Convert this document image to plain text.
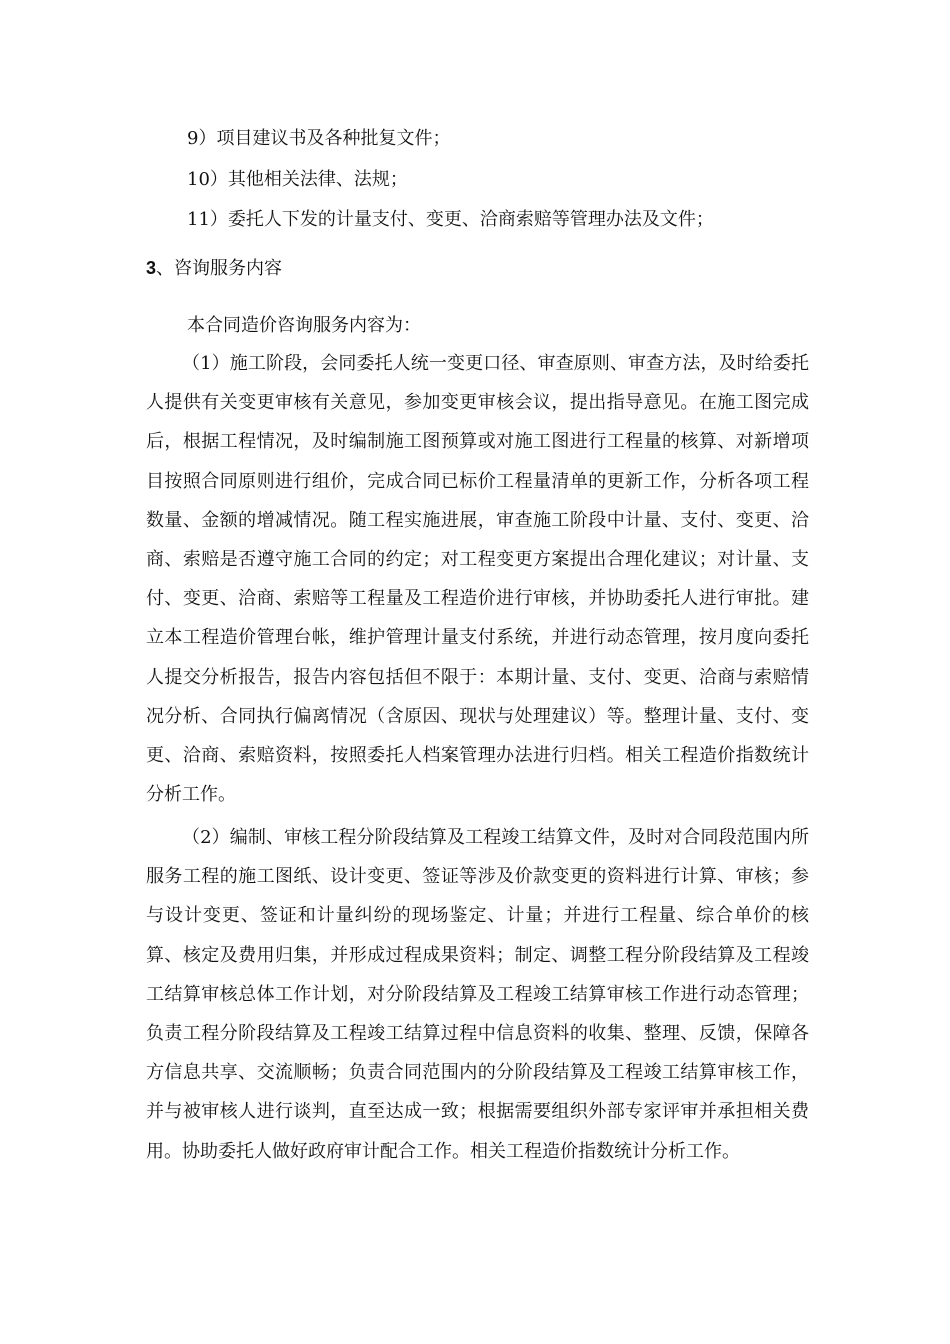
9）项目建议书及各种批复文件；
10）其他相关法律、法规；
11）委托人下发的计量支付、变更、洽商索赔等管理办法及文件；
3、咨询服务内容
本合同造价咨询服务内容为：
（1）施工阶段，会同委托人统一变更口径、审查原则、审查方法，及时给委托人提供有关变更审核有关意见，参加变更审核会议，提出指导意见。在施工图完成后，根据工程情况，及时编制施工图预算或对施工图进行工程量的核算、对新增项目按照合同原则进行组价，完成合同已标价工程量清单的更新工作，分析各项工程数量、金额的增减情况。随工程实施进展，审查施工阶段中计量、支付、变更、洽商、索赔是否遵守施工合同的约定；对工程变更方案提出合理化建议；对计量、支付、变更、洽商、索赔等工程量及工程造价进行审核，并协助委托人进行审批。建立本工程造价管理台帐，维护管理计量支付系统，并进行动态管理，按月度向委托人提交分析报告，报告内容包括但不限于：本期计量、支付、变更、洽商与索赔情况分析、合同执行偏离情况（含原因、现状与处理建议）等。整理计量、支付、变更、洽商、索赔资料，按照委托人档案管理办法进行归档。相关工程造价指数统计分析工作。
（2）编制、审核工程分阶段结算及工程竣工结算文件，及时对合同段范围内所服务工程的施工图纸、设计变更、签证等涉及价款变更的资料进行计算、审核；参与设计变更、签证和计量纠纷的现场鉴定、计量；并进行工程量、综合单价的核算、核定及费用归集，并形成过程成果资料；制定、调整工程分阶段结算及工程竣工结算审核总体工作计划，对分阶段结算及工程竣工结算审核工作进行动态管理；负责工程分阶段结算及工程竣工结算过程中信息资料的收集、整理、反馈，保障各方信息共享、交流顺畅；负责合同范围内的分阶段结算及工程竣工结算审核工作，并与被审核人进行谈判，直至达成一致；根据需要组织外部专家评审并承担相关费用。协助委托人做好政府审计配合工作。相关工程造价指数统计分析工作。
